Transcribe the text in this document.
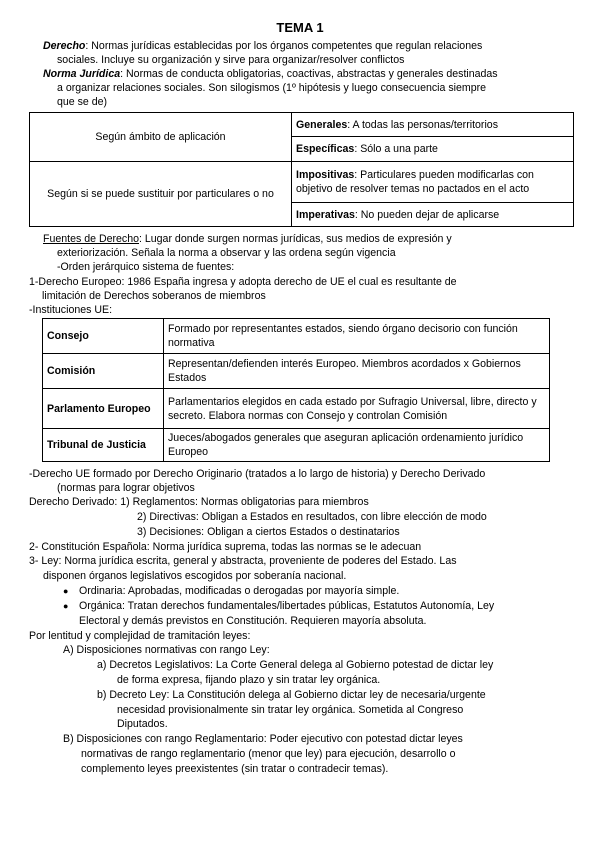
TEMA 1

Derecho: Normas jurídicas establecidas por los órganos competentes que regulan relaciones

sociales. Incluye su organización y sirve para organizar/resolver conflictos

Norma Jurídica: Normas de conducta obligatorias, coactivas, abstractas y generales destinadas

a organizar relaciones sociales. Son silogismos (1º hipótesis y luego consecuencia siempre

que se de)

Según ámbito de aplicación	Generales: A todas las personas/territorios
	Específicas: Sólo a una parte
Según si se puede sustituir por particulares o no	Impositivas: Particulares pueden modificarlas con objetivo de resolver temas no pactados en el acto
	Imperativas: No pueden dejar de aplicarse

Fuentes de Derecho: Lugar donde surgen normas jurídicas, sus medios de expresión y

exteriorización. Señala la norma a observar y las ordena según vigencia

-Orden jerárquico sistema de fuentes:

1-Derecho Europeo: 1986 España ingresa y adopta derecho de UE el cual es resultante de

limitación de Derechos soberanos de miembros

-Instituciones UE:

Consejo	Formado por representantes estados, siendo órgano decisorio con función normativa
Comisión	Representan/defienden interés Europeo. Miembros acordados x Gobiernos Estados
Parlamento Europeo	Parlamentarios elegidos en cada estado por Sufragio Universal, libre, directo y secreto. Elabora normas con Consejo y controlan Comisión
Tribunal de Justicia	Jueces/abogados generales que aseguran aplicación ordenamiento jurídico Europeo

-Derecho UE formado por Derecho Originario (tratados a lo largo de historia) y Derecho Derivado

(normas para lograr objetivos

Derecho Derivado: 1) Reglamentos: Normas obligatorias para miembros

2) Directivas: Obligan a Estados en resultados, con libre elección de modo

3) Decisiones: Obligan a ciertos Estados o destinatarios

2- Constitución Española: Norma jurídica suprema, todas las normas se le adecuan

3- Ley: Norma jurídica escrita, general y abstracta, proveniente de poderes del Estado. Las

disponen órganos legislativos escogidos por soberanía nacional.

● Ordinaria: Aprobadas, modificadas o derogadas por mayoría simple.

● Orgánica: Tratan derechos fundamentales/libertades públicas, Estatutos Autonomía, Ley

Electoral y demás previstos en Constitución. Requieren mayoría absoluta.

Por lentitud y complejidad de tramitación leyes:

A) Disposiciones normativas con rango Ley:

a) Decretos Legislativos: La Corte General delega al Gobierno potestad de dictar ley

de forma expresa, fijando plazo y sin tratar ley orgánica.

b) Decreto Ley: La Constitución delega al Gobierno dictar ley de necesaria/urgente

necesidad provisionalmente sin tratar ley orgánica. Sometida al Congreso

Diputados.

B) Disposiciones con rango Reglamentario: Poder ejecutivo con potestad dictar leyes

normativas de rango reglamentario (menor que ley) para ejecución, desarrollo o

complemento leyes preexistentes (sin tratar o contradecir temas).
